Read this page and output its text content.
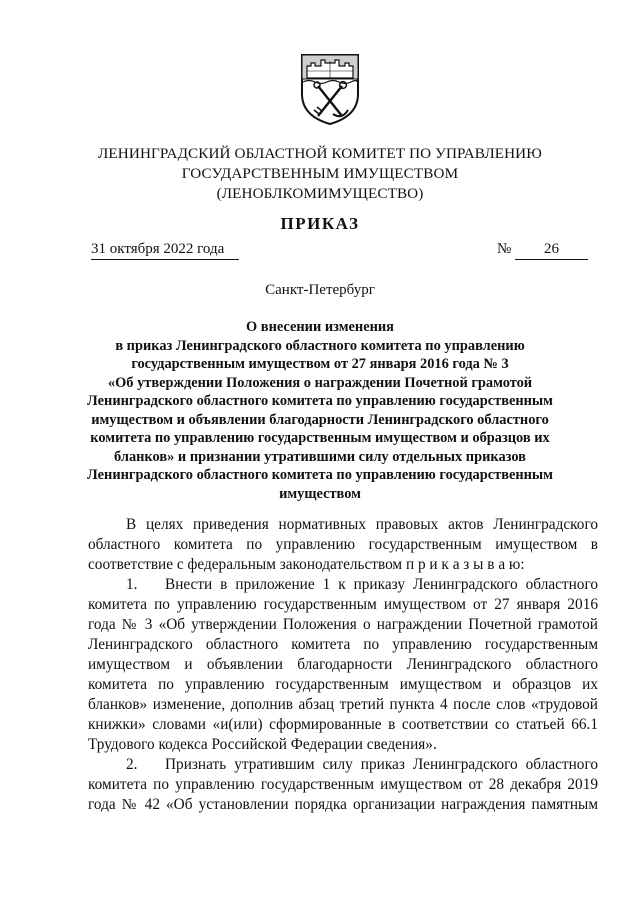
ЛЕНИНГРАДСКИЙ ОБЛАСТНОЙ КОМИТЕТ ПО УПРАВЛЕНИЮ
ГОСУДАРСТВЕННЫМ ИМУЩЕСТВОМ
(ЛЕНОБЛКОМИМУЩЕСТВО)
ПРИКАЗ
31 октября 2022 года	№	26
Санкт-Петербург
О внесении изменения
в приказ Ленинградского областного комитета по управлению
государственным имуществом от 27 января 2016 года № 3
«Об утверждении Положения о награждении Почетной грамотой
Ленинградского областного комитета по управлению государственным
имуществом и объявлении благодарности Ленинградского областного
комитета по управлению государственным имуществом и образцов их
бланков» и признании утратившими силу отдельных приказов
Ленинградского областного комитета по управлению государственным
имуществом
В целях приведения нормативных правовых актов Ленинградского
областного комитета по управлению государственным имуществом в
соответствие с федеральным законодательством п р и к а з ы в а ю:
1. Внести в приложение 1 к приказу Ленинградского областного
комитета по управлению государственным имуществом от 27 января 2016
года № 3 «Об утверждении Положения о награждении Почетной грамотой
Ленинградского областного комитета по управлению государственным
имуществом и объявлении благодарности Ленинградского областного
комитета по управлению государственным имуществом и образцов их
бланков» изменение, дополнив абзац третий пункта 4 после слов «трудовой
книжки» словами «и(или) сформированные в соответствии со статьей 66.1
Трудового кодекса Российской Федерации сведения».
2. Признать утратившим силу приказ Ленинградского областного
комитета по управлению государственным имуществом от 28 декабря 2019
года № 42 «Об установлении порядка организации награждения памятным
